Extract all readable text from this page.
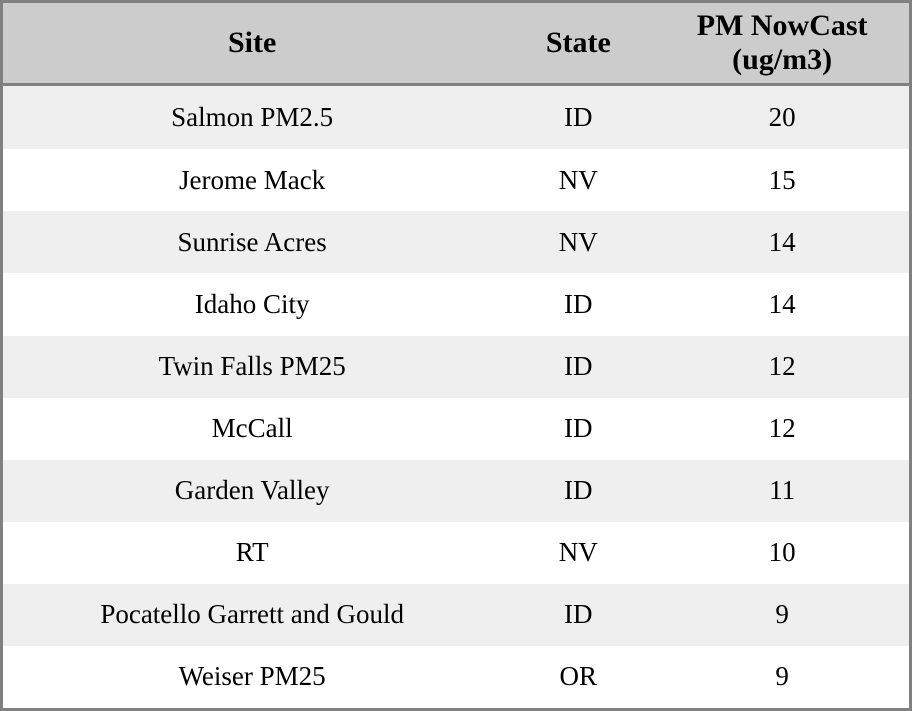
Site	State	PM NowCast (ug/m3)
Salmon PM2.5	ID	20
Jerome Mack	NV	15
Sunrise Acres	NV	14
Idaho City	ID	14
Twin Falls PM25	ID	12
McCall	ID	12
Garden Valley	ID	11
RT	NV	10
Pocatello Garrett and Gould	ID	9
Weiser PM25	OR	9
